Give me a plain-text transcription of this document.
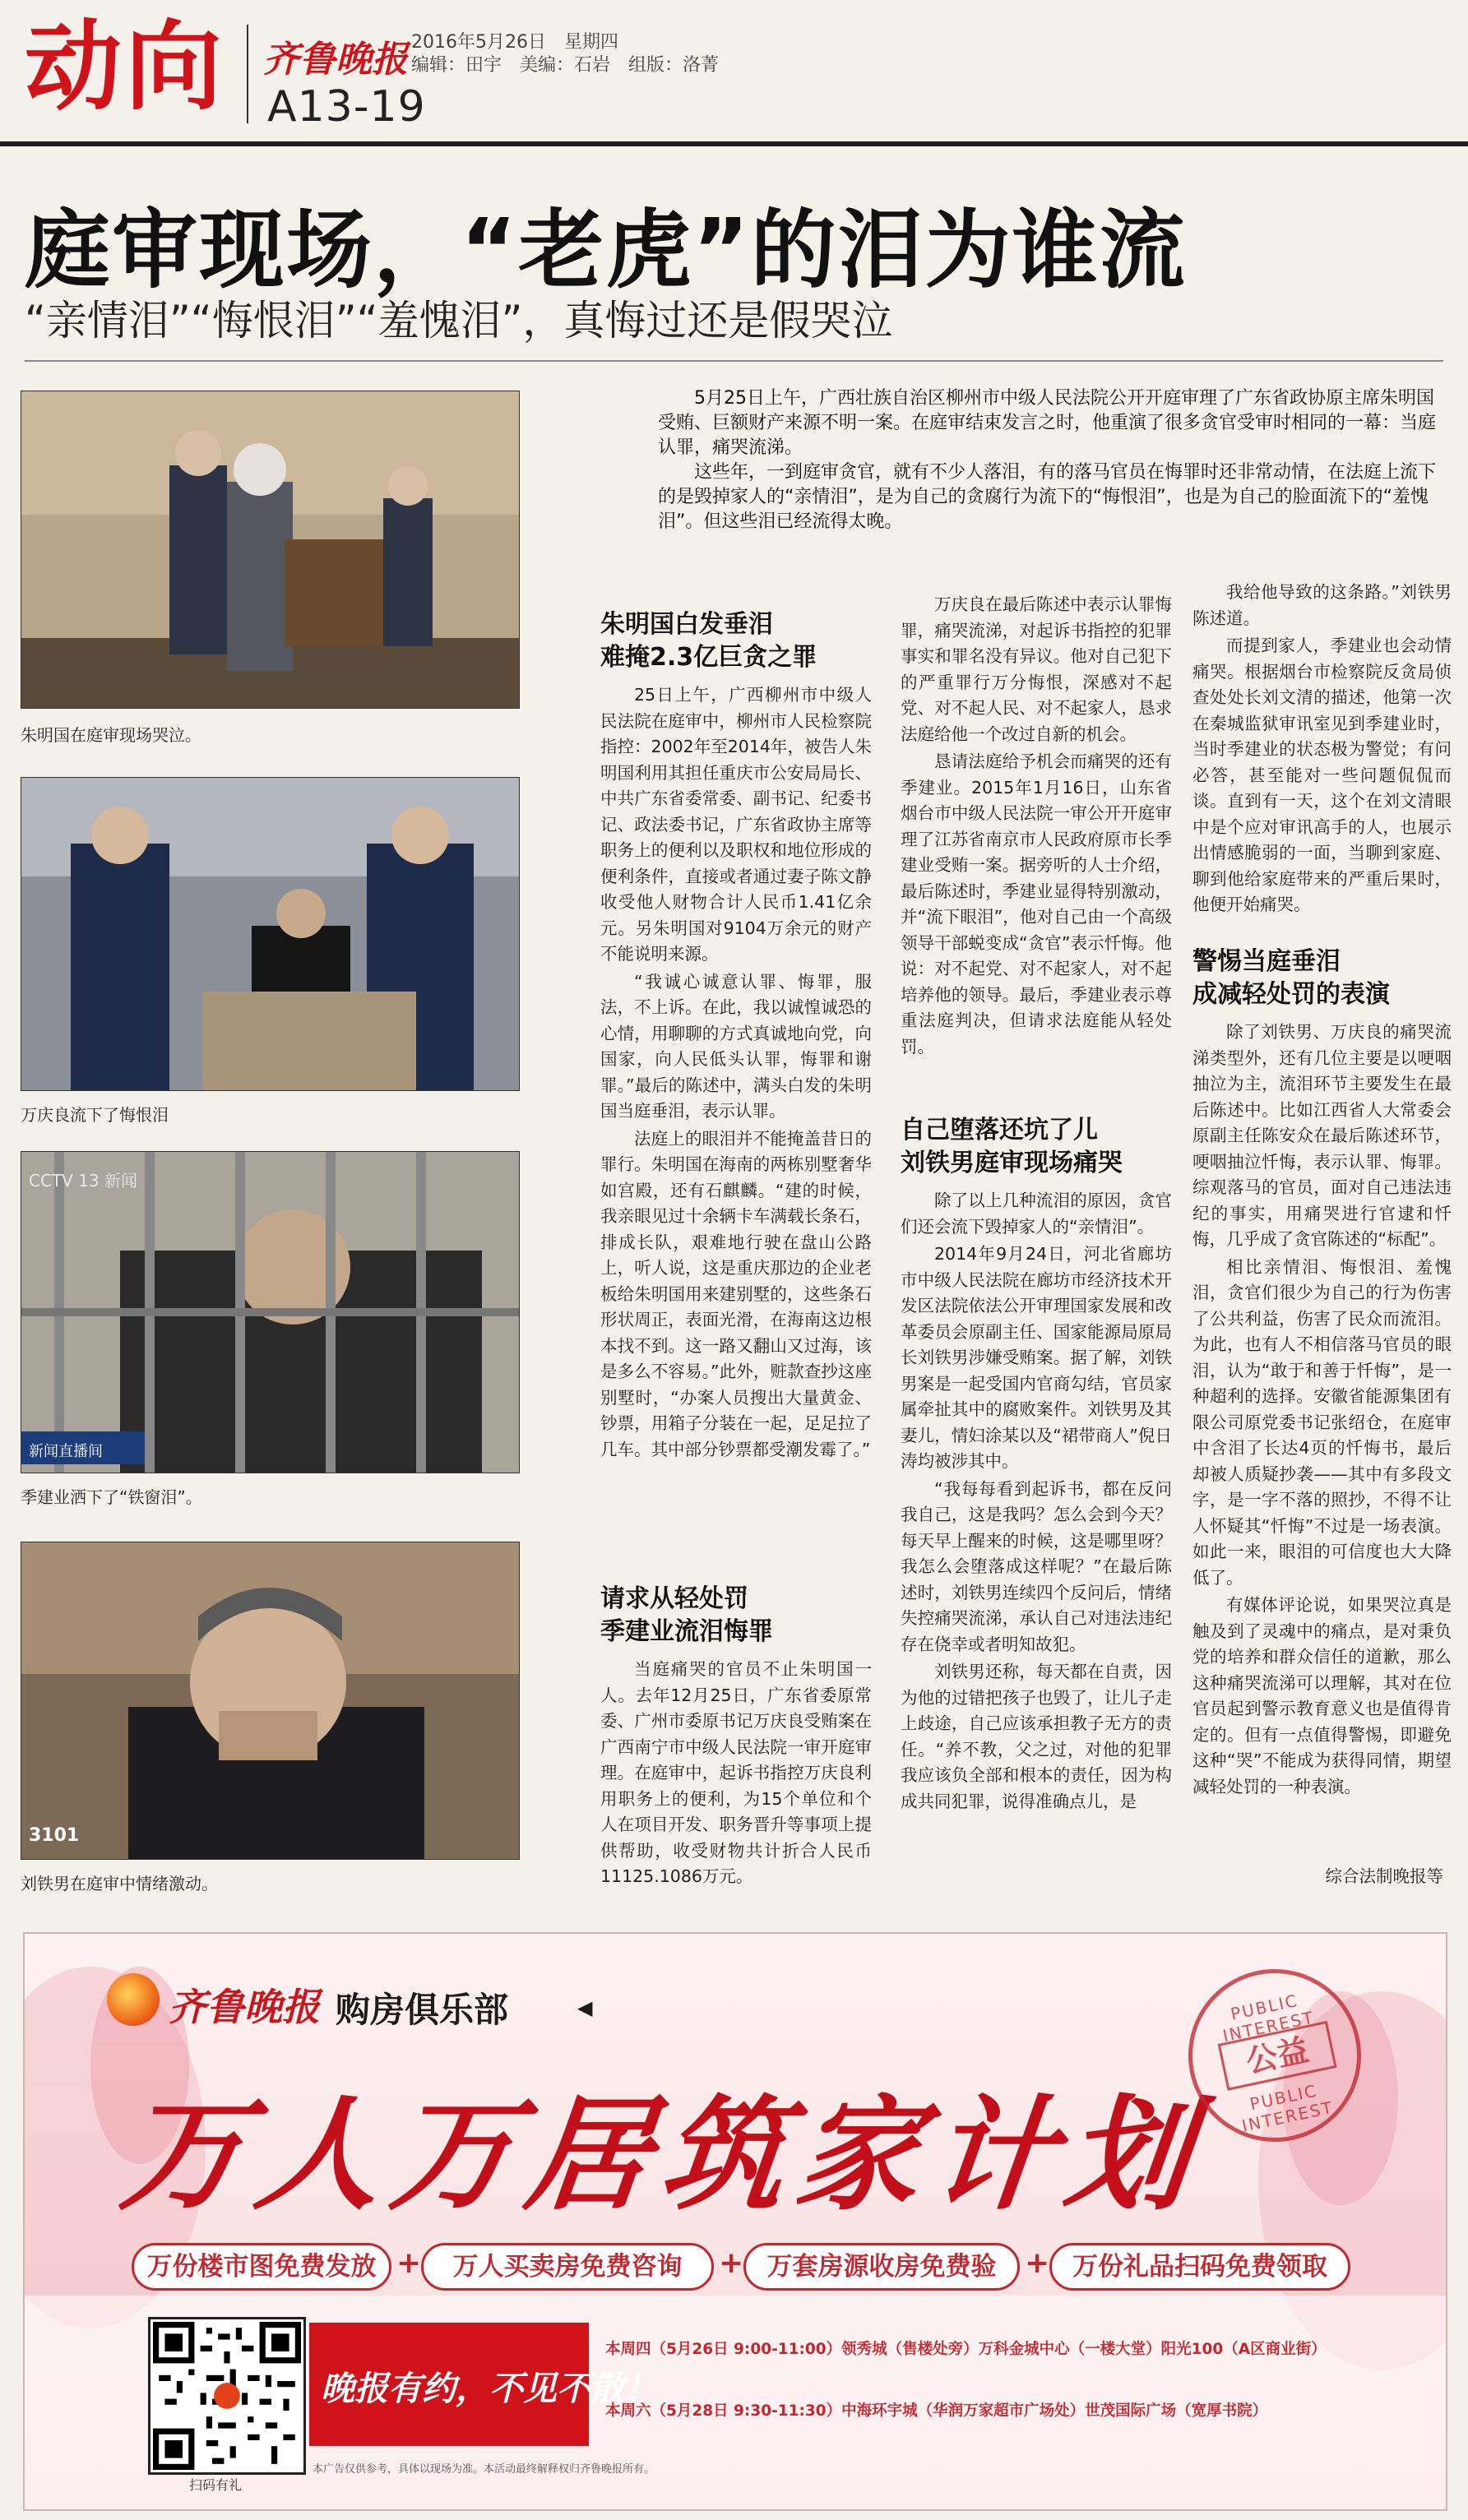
动向 齐鲁晚报 2016年5月26日　星期四
编辑：田宇　美编：石岩　组版：洛菁
A13-19
庭审现场，“老虎”的泪为谁流
“亲情泪”“悔恨泪”“羞愧泪”，真悔过还是假哭泣
朱明国在庭审现场哭泣。
万庆良流下了悔恨泪
CCTV 13 新闻
新闻直播间
季建业洒下了“铁窗泪”。
3101
刘铁男在庭审中情绪激动。

5月25日上午，广西壮族自治区柳州市中级人民法院公开开庭审理了广东省政协原主席朱明国受贿、巨额财产来源不明一案。在庭审结束发言之时，他重演了很多贪官受审时相同的一幕：当庭认罪，痛哭流涕。

这些年，一到庭审贪官，就有不少人落泪，有的落马官员在悔罪时还非常动情，在法庭上流下的是毁掉家人的“亲情泪”，是为自己的贪腐行为流下的“悔恨泪”，也是为自己的脸面流下的“羞愧泪”。但这些泪已经流得太晚。

朱明国白发垂泪
难掩2.3亿巨贪之罪

25日上午，广西柳州市中级人民法院在庭审中，柳州市人民检察院指控：2002年至2014年，被告人朱明国利用其担任重庆市公安局局长、中共广东省委常委、副书记、纪委书记、政法委书记，广东省政协主席等职务上的便利以及职权和地位形成的便利条件，直接或者通过妻子陈文静收受他人财物合计人民币1.41亿余元。另朱明国对9104万余元的财产不能说明来源。

“我诚心诚意认罪、悔罪，服法，不上诉。在此，我以诚惶诚恐的心情，用聊聊的方式真诚地向党，向国家，向人民低头认罪，悔罪和谢罪。”最后的陈述中，满头白发的朱明国当庭垂泪，表示认罪。

法庭上的眼泪并不能掩盖昔日的罪行。朱明国在海南的两栋别墅奢华如宫殿，还有石麒麟。“建的时候，我亲眼见过十余辆卡车满载长条石，排成长队，艰难地行驶在盘山公路上，听人说，这是重庆那边的企业老板给朱明国用来建别墅的，这些条石形状周正，表面光滑，在海南这边根本找不到。这一路又翻山又过海，该是多么不容易。”此外，赃款查抄这座别墅时，“办案人员搜出大量黄金、钞票，用箱子分装在一起，足足拉了几车。其中部分钞票都受潮发霉了。”

请求从轻处罚
季建业流泪悔罪

当庭痛哭的官员不止朱明国一人。去年12月25日，广东省委原常委、广州市委原书记万庆良受贿案在广西南宁市中级人民法院一审开庭审理。在庭审中，起诉书指控万庆良利用职务上的便利，为15个单位和个人在项目开发、职务晋升等事项上提供帮助，收受财物共计折合人民币11125.1086万元。

万庆良在最后陈述中表示认罪悔罪，痛哭流涕，对起诉书指控的犯罪事实和罪名没有异议。他对自己犯下的严重罪行万分悔恨，深感对不起党、对不起人民、对不起家人，恳求法庭给他一个改过自新的机会。

恳请法庭给予机会而痛哭的还有季建业。2015年1月16日，山东省烟台市中级人民法院一审公开开庭审理了江苏省南京市人民政府原市长季建业受贿一案。据旁听的人士介绍，最后陈述时，季建业显得特别激动，并“流下眼泪”，他对自己由一个高级领导干部蜕变成“贪官”表示忏悔。他说：对不起党、对不起家人，对不起培养他的领导。最后，季建业表示尊重法庭判决，但请求法庭能从轻处罚。

自己堕落还坑了儿
刘铁男庭审现场痛哭

除了以上几种流泪的原因，贪官们还会流下毁掉家人的“亲情泪”。

2014年9月24日，河北省廊坊市中级人民法院在廊坊市经济技术开发区法院依法公开审理国家发展和改革委员会原副主任、国家能源局原局长刘铁男涉嫌受贿案。据了解，刘铁男案是一起受国内官商勾结，官员家属牵扯其中的腐败案件。刘铁男及其妻儿，情妇涂某以及“裙带商人”倪日涛均被涉其中。

“我每每看到起诉书，都在反问我自己，这是我吗？怎么会到今天？每天早上醒来的时候，这是哪里呀？我怎么会堕落成这样呢？”在最后陈述时，刘铁男连续四个反问后，情绪失控痛哭流涕，承认自己对违法违纪存在侥幸或者明知故犯。

刘铁男还称，每天都在自责，因为他的过错把孩子也毁了，让儿子走上歧途，自己应该承担教子无方的责任。“养不教，父之过，对他的犯罪我应该负全部和根本的责任，因为构成共同犯罪，说得准确点儿，是

我给他导致的这条路。”刘铁男陈述道。

而提到家人，季建业也会动情痛哭。根据烟台市检察院反贪局侦查处处长刘文清的描述，他第一次在秦城监狱审讯室见到季建业时，当时季建业的状态极为警觉；有问必答，甚至能对一些问题侃侃而谈。直到有一天，这个在刘文清眼中是个应对审讯高手的人，也展示出情感脆弱的一面，当聊到家庭、聊到他给家庭带来的严重后果时，他便开始痛哭。

警惕当庭垂泪
成减轻处罚的表演

除了刘铁男、万庆良的痛哭流涕类型外，还有几位主要是以哽咽抽泣为主，流泪环节主要发生在最后陈述中。比如江西省人大常委会原副主任陈安众在最后陈述环节，哽咽抽泣忏悔，表示认罪、悔罪。综观落马的官员，面对自己违法违纪的事实，用痛哭进行官逮和忏悔，几乎成了贪官陈述的“标配”。

相比亲情泪、悔恨泪、羞愧泪，贪官们很少为自己的行为伤害了公共利益，伤害了民众而流泪。为此，也有人不相信落马官员的眼泪，认为“敢于和善于忏悔”，是一种超利的选择。安徽省能源集团有限公司原党委书记张绍仓，在庭审中含泪了长达4页的忏悔书，最后却被人质疑抄袭——其中有多段文字，是一字不落的照抄，不得不让人怀疑其“忏悔”不过是一场表演。如此一来，眼泪的可信度也大大降低了。

有媒体评论说，如果哭泣真是触及到了灵魂中的痛点，是对秉负党的培养和群众信任的道歉，那么这种痛哭流涕可以理解，其对在位官员起到警示教育意义也是值得肯定的。但有一点值得警惕，即避免这种“哭”不能成为获得同情，期望减轻处罚的一种表演。

综合法制晚报等
齐鲁晚报 购房俱乐部	◀
万人万居筑家计划
PUBLIC INTEREST
公益
PUBLIC INTEREST
万份楼市图免费发放 +	万人买卖房免费咨询	+ 万套房源收房免费验 + 万份礼品扫码免费领取
扫码有礼
晚报有约，不见不散！
本周四（5月26日 9:00-11:00）领秀城（售楼处旁）万科金城中心（一楼大堂）阳光100（A区商业街）
本周六（5月28日 9:30-11:30）中海环宇城（华润万家超市广场处）世茂国际广场（宽厚书院）
本广告仅供参考，具体以现场为准。本活动最终解释权归齐鲁晚报所有。
